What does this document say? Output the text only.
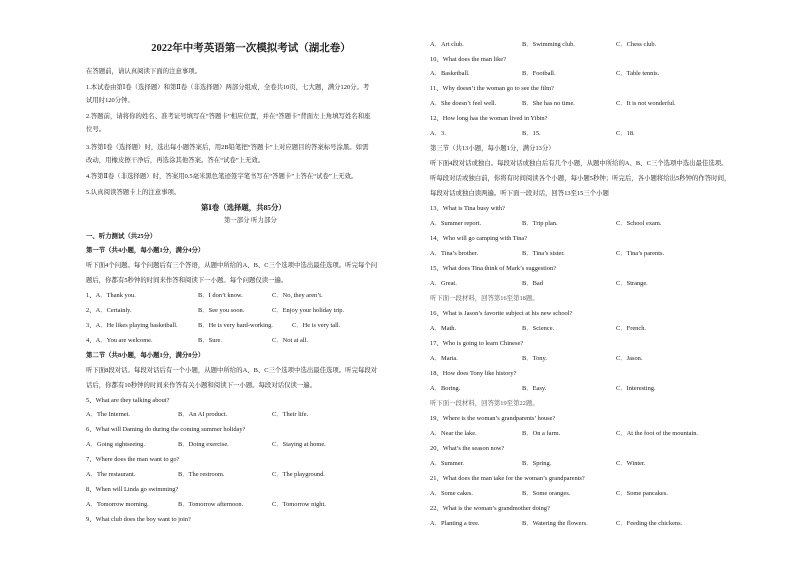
2022年中考英语第一次模拟考试（湖北卷）
在答题前，请认真阅读下面的注意事项。
1.本试卷由第Ⅰ卷（选择题）和第Ⅱ卷（非选择题）两部分组成，全卷共10页，七大题，满分120分。考
试用时120分钟。
2.答题前，请将你的姓名、准考证号填写在“答题卡”相应位置，并在“答题卡”背面左上角填写姓名和座
位号。
3.答第Ⅰ卷（选择题）时，选出每小题答案后，用2B铅笔把“答题卡”上对应题目的答案标号涂黑。如需
改动，用橡皮擦干净后，再选涂其他答案。答在“试卷”上无效。
4.答第Ⅱ卷（非选择题）时，答案用0.5毫米黑色笔迹签字笔书写在“答题卡”上答在“试卷”上无效。
5.认真阅读答题卡上的注意事项。
第Ⅰ卷（选择题，共85分）
第一部分 听力部分
一、听力测试（共25分）
第一节（共4小题，每小题1分，满分4分）
听下面4个问题。每个问题后有三个答语，从题中所给的A、B、C三个选项中选出最佳选项。听完每个问
题后，你都有5秒钟的时间来作答和阅读下一小题。每个问题仅读一遍。
1、A．Thank you.	B．I don’t know.	C．No, they aren’t.
2、A．Certainly.	B．See you soon.	C．Enjoy your holiday trip.
3、A．He likes playing basketball.	B．He is very hard-working.	C．He is very tall.
4、A．You are welcome.	B．Sure.	C．Not at all.
第二节（共8小题，每小题1分，满分8分）
听下面8段对话。每段对话后有一个小题，从题中所给的A、B、C三个选项中选出最佳选项。听完每段对
话后，你都有10秒钟的时间来作答有关小题和阅读下一小题。每段对话仅读一遍。
5、What are they talking about?
A．The Internet.	B．An AI product.	C．Their life.
6、What will Daming do during the coming summer holiday?
A．Going sightseeing.	B．Doing exercise.	C．Staying at home.
7、Where does the man want to go?
A．The restaurant.	B．The restroom.	C．The playground.
8、When will Linda go swimming?
A．Tomorrow morning.	B．Tomorrow afternoon.	C．Tomorrow night.
9、What club does the boy want to join?
A．Art club.	B．Swimming club.	C．Chess club.
10、What does the man like?
A．Basketball.	B．Football.	C．Table tennis.
11、Why doesn’t the woman go to see the film?
A．She doesn’t feel well.	B．She has no time.	C．It is not wonderful.
12、How long has the woman lived in Yibin?
A．3.	B．15.	C．18.
第三节（共13小题，每小题1分，满分13分）
听下面4段对话或独白。每段对话或独白后有几个小题，从题中所给的A、B、C三个选项中选出最佳选项。
听每段对话或独白前，你将有时间阅读各个小题，每小题5秒钟；听完后，各小题将给出5秒钟的作答时间，
每段对话或独白读两遍。听下面一段对话，回答13至15三个小题
13、What is Tina busy with?
A．Summer report.	B．Trip plan.	C．School exam.
14、Who will go camping with Tina?
A．Tina’s brother.	B．Tina’s sister.	C．Tina’s parents.
15、What does Tina think of Mark’s suggestion?
A．Great.	B．Bad	C．Strange.
听下面一段材料，回答第16至第18题。
16、What is Jason’s favorite subject at his new school?
A．Math.	B．Science.	C．French.
17、Who is going to learn Chinese?
A．Maria.	B．Tony.	C．Jason.
18、How does Tony like history?
A．Boring.	B．Easy.	C．Interesting.
听下面一段材料，回答第19至第22题。
19、Where is the woman’s grandparents’ house?
A．Near the lake.	B．On a farm.	C．At the foot of the mountain.
20、What’s the season now?
A．Summer.	B．Spring.	C．Winter.
21、What does the man take for the woman’s grandparents?
A．Some cakes.	B．Some oranges.	C．Some pancakes.
22、What is the woman’s grandmother doing?
A．Planting a tree.	B．Watering the flowers.	C．Feeding the chickens.
